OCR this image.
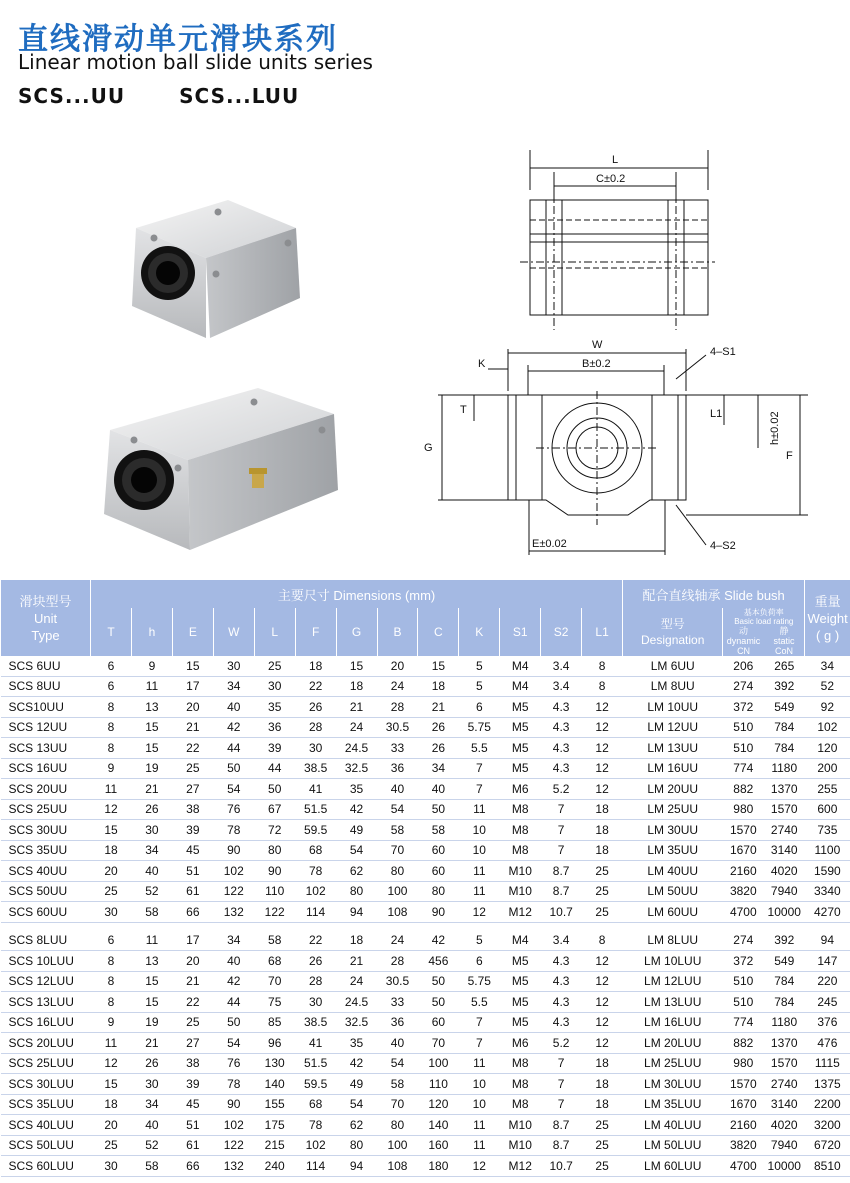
直线滑动单元滑块系列
Linear motion ball slide units series
SCS...UU	SCS...LUU
L
C±0.2
W
B±0.2
K
4–S1
T	L1	h±0.02
G
F
4–S2
E±0.02
滑块型号
Unit
Type
	主要尺寸 Dimensions (mm)	配合直线轴承 Slide bush	重量
Weight
( g )

T	h	E	W	L	F	G	B	C	K	S1	S2	L1	
型号
Designation

基本负荷率
Basic load rating
动
dynamic
CN

静
static
CoN

SCS 6UU	6	9	15	30	25	18	15	20	15	5	M4	3.4	8	LM 6UU	206	265	34
SCS 8UU	6	11	17	34	30	22	18	24	18	5	M4	3.4	8	LM 8UU	274	392	52
SCS10UU	8	13	20	40	35	26	21	28	21	6	M5	4.3	12	LM 10UU	372	549	92
SCS 12UU	8	15	21	42	36	28	24	30.5	26	5.75	M5	4.3	12	LM 12UU	510	784	102
SCS 13UU	8	15	22	44	39	30	24.5	33	26	5.5	M5	4.3	12	LM 13UU	510	784	120
SCS 16UU	9	19	25	50	44	38.5	32.5	36	34	7	M5	4.3	12	LM 16UU	774	1180	200
SCS 20UU	11	21	27	54	50	41	35	40	40	7	M6	5.2	12	LM 20UU	882	1370	255
SCS 25UU	12	26	38	76	67	51.5	42	54	50	11	M8	7	18	LM 25UU	980	1570	600
SCS 30UU	15	30	39	78	72	59.5	49	58	58	10	M8	7	18	LM 30UU	1570	2740	735
SCS 35UU	18	34	45	90	80	68	54	70	60	10	M8	7	18	LM 35UU	1670	3140	1100
SCS 40UU	20	40	51	102	90	78	62	80	60	11	M10	8.7	25	LM 40UU	2160	4020	1590
SCS 50UU	25	52	61	122	110	102	80	100	80	11	M10	8.7	25	LM 50UU	3820	7940	3340
SCS 60UU	30	58	66	132	122	114	94	108	90	12	M12	10.7	25	LM 60UU	4700	10000	4270

SCS 8LUU	6	11	17	34	58	22	18	24	42	5	M4	3.4	8	LM 8LUU	274	392	94
SCS 10LUU	8	13	20	40	68	26	21	28	456	6	M5	4.3	12	LM 10LUU	372	549	147
SCS 12LUU	8	15	21	42	70	28	24	30.5	50	5.75	M5	4.3	12	LM 12LUU	510	784	220
SCS 13LUU	8	15	22	44	75	30	24.5	33	50	5.5	M5	4.3	12	LM 13LUU	510	784	245
SCS 16LUU	9	19	25	50	85	38.5	32.5	36	60	7	M5	4.3	12	LM 16LUU	774	1180	376
SCS 20LUU	11	21	27	54	96	41	35	40	70	7	M6	5.2	12	LM 20LUU	882	1370	476
SCS 25LUU	12	26	38	76	130	51.5	42	54	100	11	M8	7	18	LM 25LUU	980	1570	1115
SCS 30LUU	15	30	39	78	140	59.5	49	58	110	10	M8	7	18	LM 30LUU	1570	2740	1375
SCS 35LUU	18	34	45	90	155	68	54	70	120	10	M8	7	18	LM 35LUU	1670	3140	2200
SCS 40LUU	20	40	51	102	175	78	62	80	140	11	M10	8.7	25	LM 40LUU	2160	4020	3200
SCS 50LUU	25	52	61	122	215	102	80	100	160	11	M10	8.7	25	LM 50LUU	3820	7940	6720
SCS 60LUU	30	58	66	132	240	114	94	108	180	12	M12	10.7	25	LM 60LUU	4700	10000	8510
